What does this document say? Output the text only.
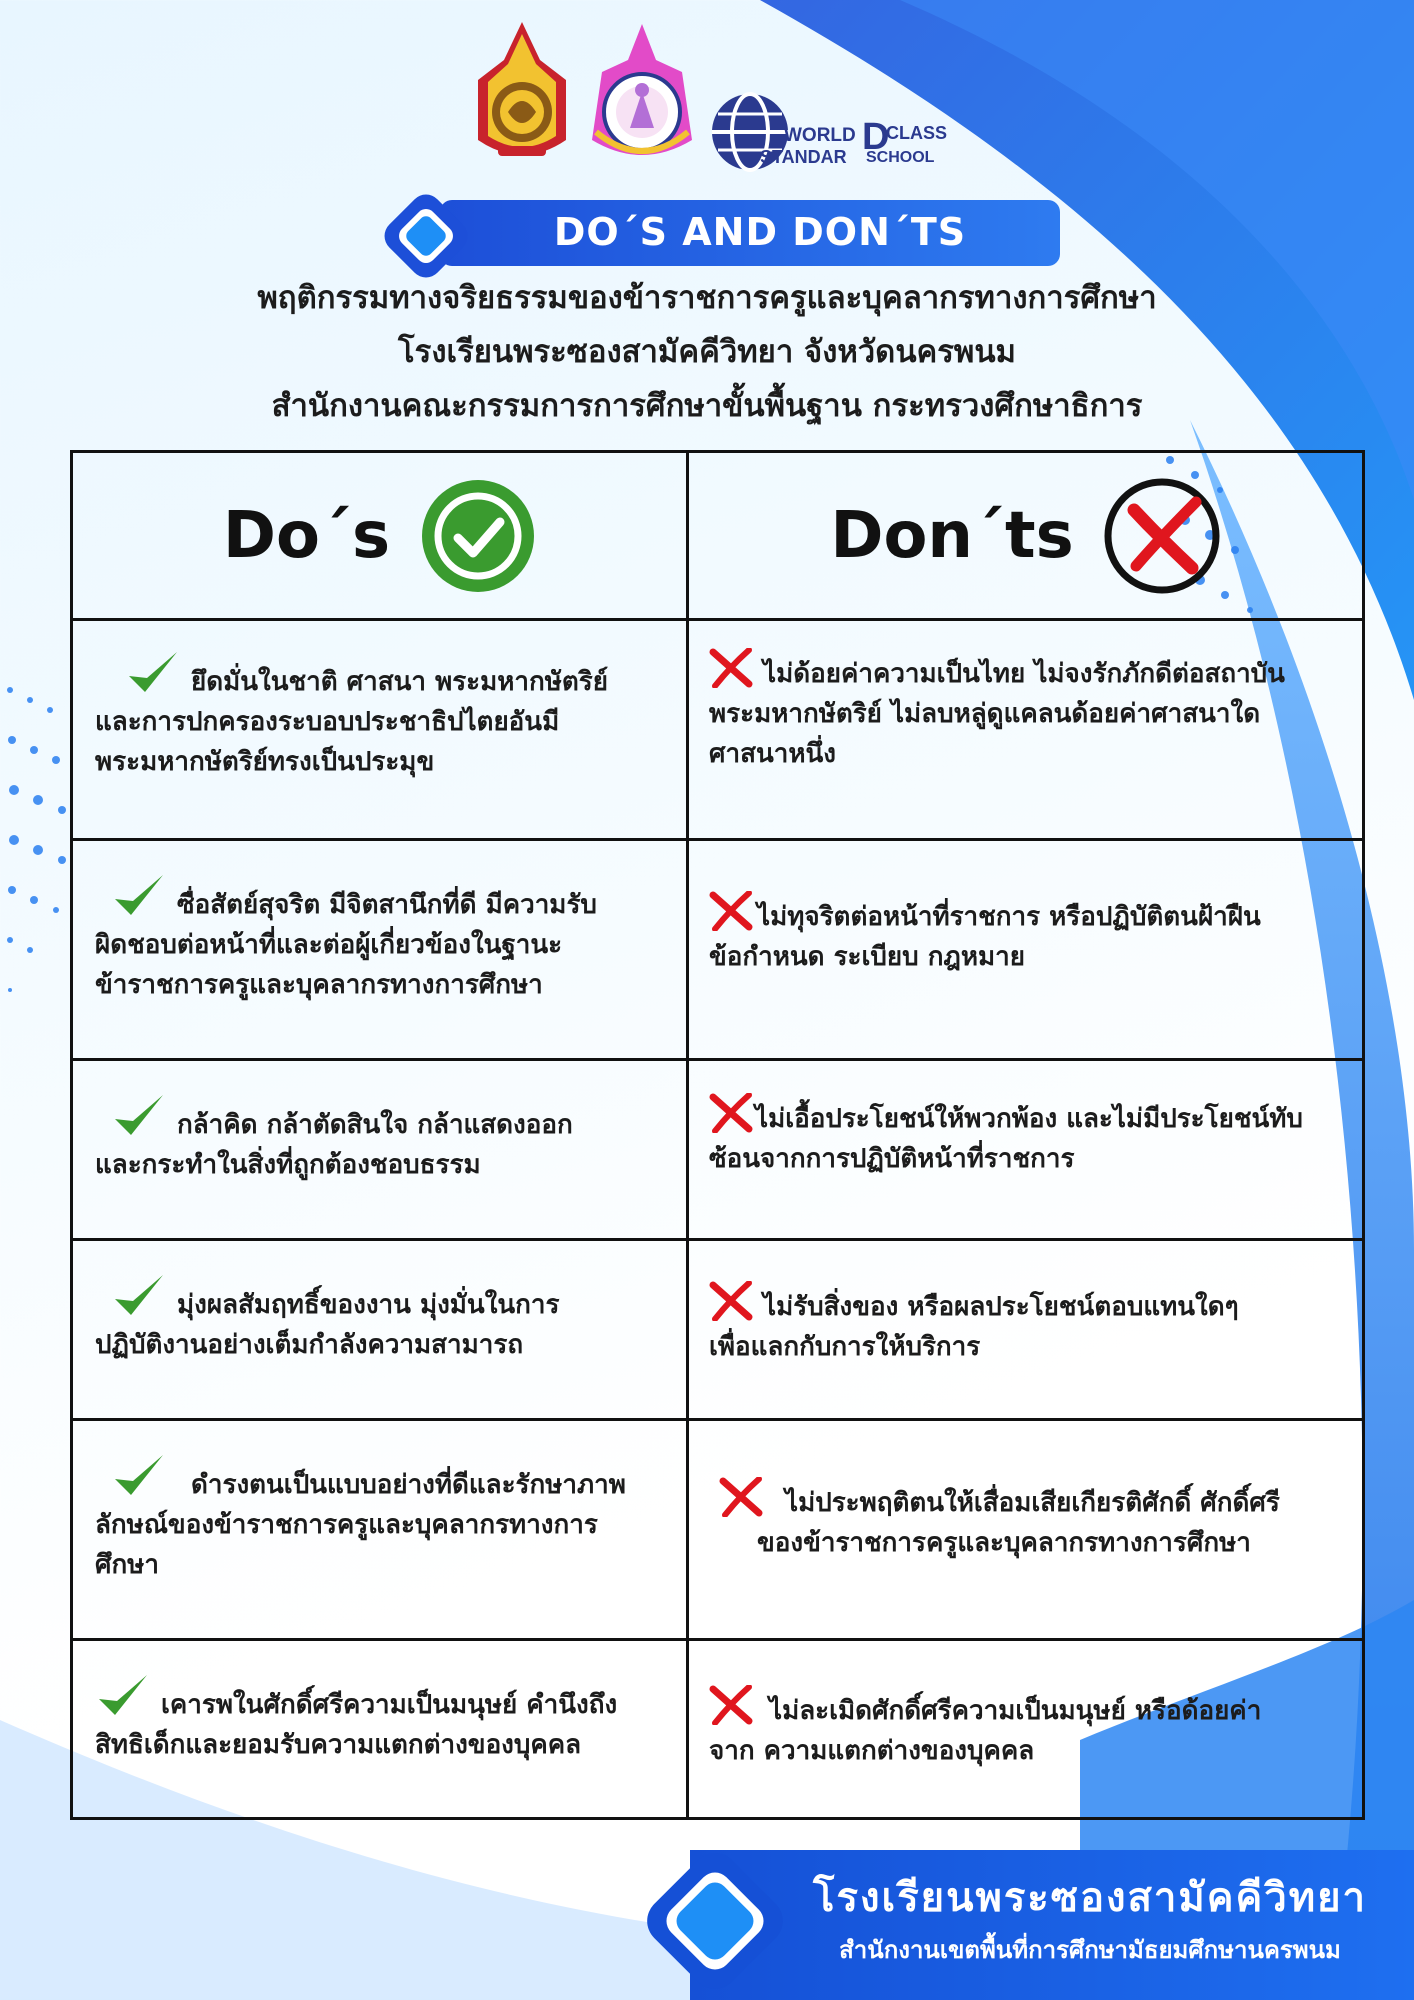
WORLD D
CLASS
STANDAR SCHOOL
DO´S AND DON´TS
พฤติกรรมทางจริยธรรมของข้าราชการครูและบุคลากรทางการศึกษา
โรงเรียนพระซองสามัคคีวิทยา จังหวัดนครพนม
สำนักงานคณะกรรมการการศึกษาขั้นพื้นฐาน กระทรวงศึกษาธิการ
Do´s	Don´ts
ยึดมั่นในชาติ ศาสนา พระมหากษัตริย์
และการปกครองระบอบประชาธิปไตยอันมี
พระมหากษัตริย์ทรงเป็นประมุข
ซื่อสัตย์สุจริต มีจิตสานึกที่ดี มีความรับ
ผิดชอบต่อหน้าที่และต่อผู้เกี่ยวข้องในฐานะ
ข้าราชการครูและบุคลากรทางการศึกษา
กล้าคิด กล้าตัดสินใจ กล้าแสดงออก
และกระทำในสิ่งที่ถูกต้องชอบธรรม
มุ่งผลสัมฤทธิ์ของงาน มุ่งมั่นในการ
ปฏิบัติงานอย่างเต็มกำลังความสามารถ
ดำรงตนเป็นแบบอย่างที่ดีและรักษาภาพ
ลักษณ์ของข้าราชการครูและบุคลากรทางการ
ศึกษา
เคารพในศักดิ์ศรีความเป็นมนุษย์ คำนึงถึง
สิทธิเด็กและยอมรับความแตกต่างของบุคคล
ไม่ด้อยค่าความเป็นไทย ไม่จงรักภักดีต่อสถาบัน
พระมหากษัตริย์ ไม่ลบหลู่ดูแคลนด้อยค่าศาสนาใด
ศาสนาหนึ่ง
ไม่ทุจริตต่อหน้าที่ราชการ หรือปฏิบัติตนฝ้าฝืน
ข้อกำหนด ระเบียบ กฎหมาย
ไม่เอื้อประโยชน์ให้พวกพ้อง และไม่มีประโยชน์ทับ
ซ้อนจากการปฏิบัติหน้าที่ราชการ
ไม่รับสิ่งของ หรือผลประโยชน์ตอบแทนใดๆ
เพื่อแลกกับการให้บริการ
ไม่ประพฤติตนให้เสื่อมเสียเกียรติศักดิ์ ศักดิ์ศรี
ของข้าราชการครูและบุคลากรทางการศึกษา
ไม่ละเมิดศักดิ์ศรีความเป็นมนุษย์ หรือด้อยค่า
จาก ความแตกต่างของบุคคล
โรงเรียนพระซองสามัคคีวิทยา
สำนักงานเขตพื้นที่การศึกษามัธยมศึกษานครพนม
